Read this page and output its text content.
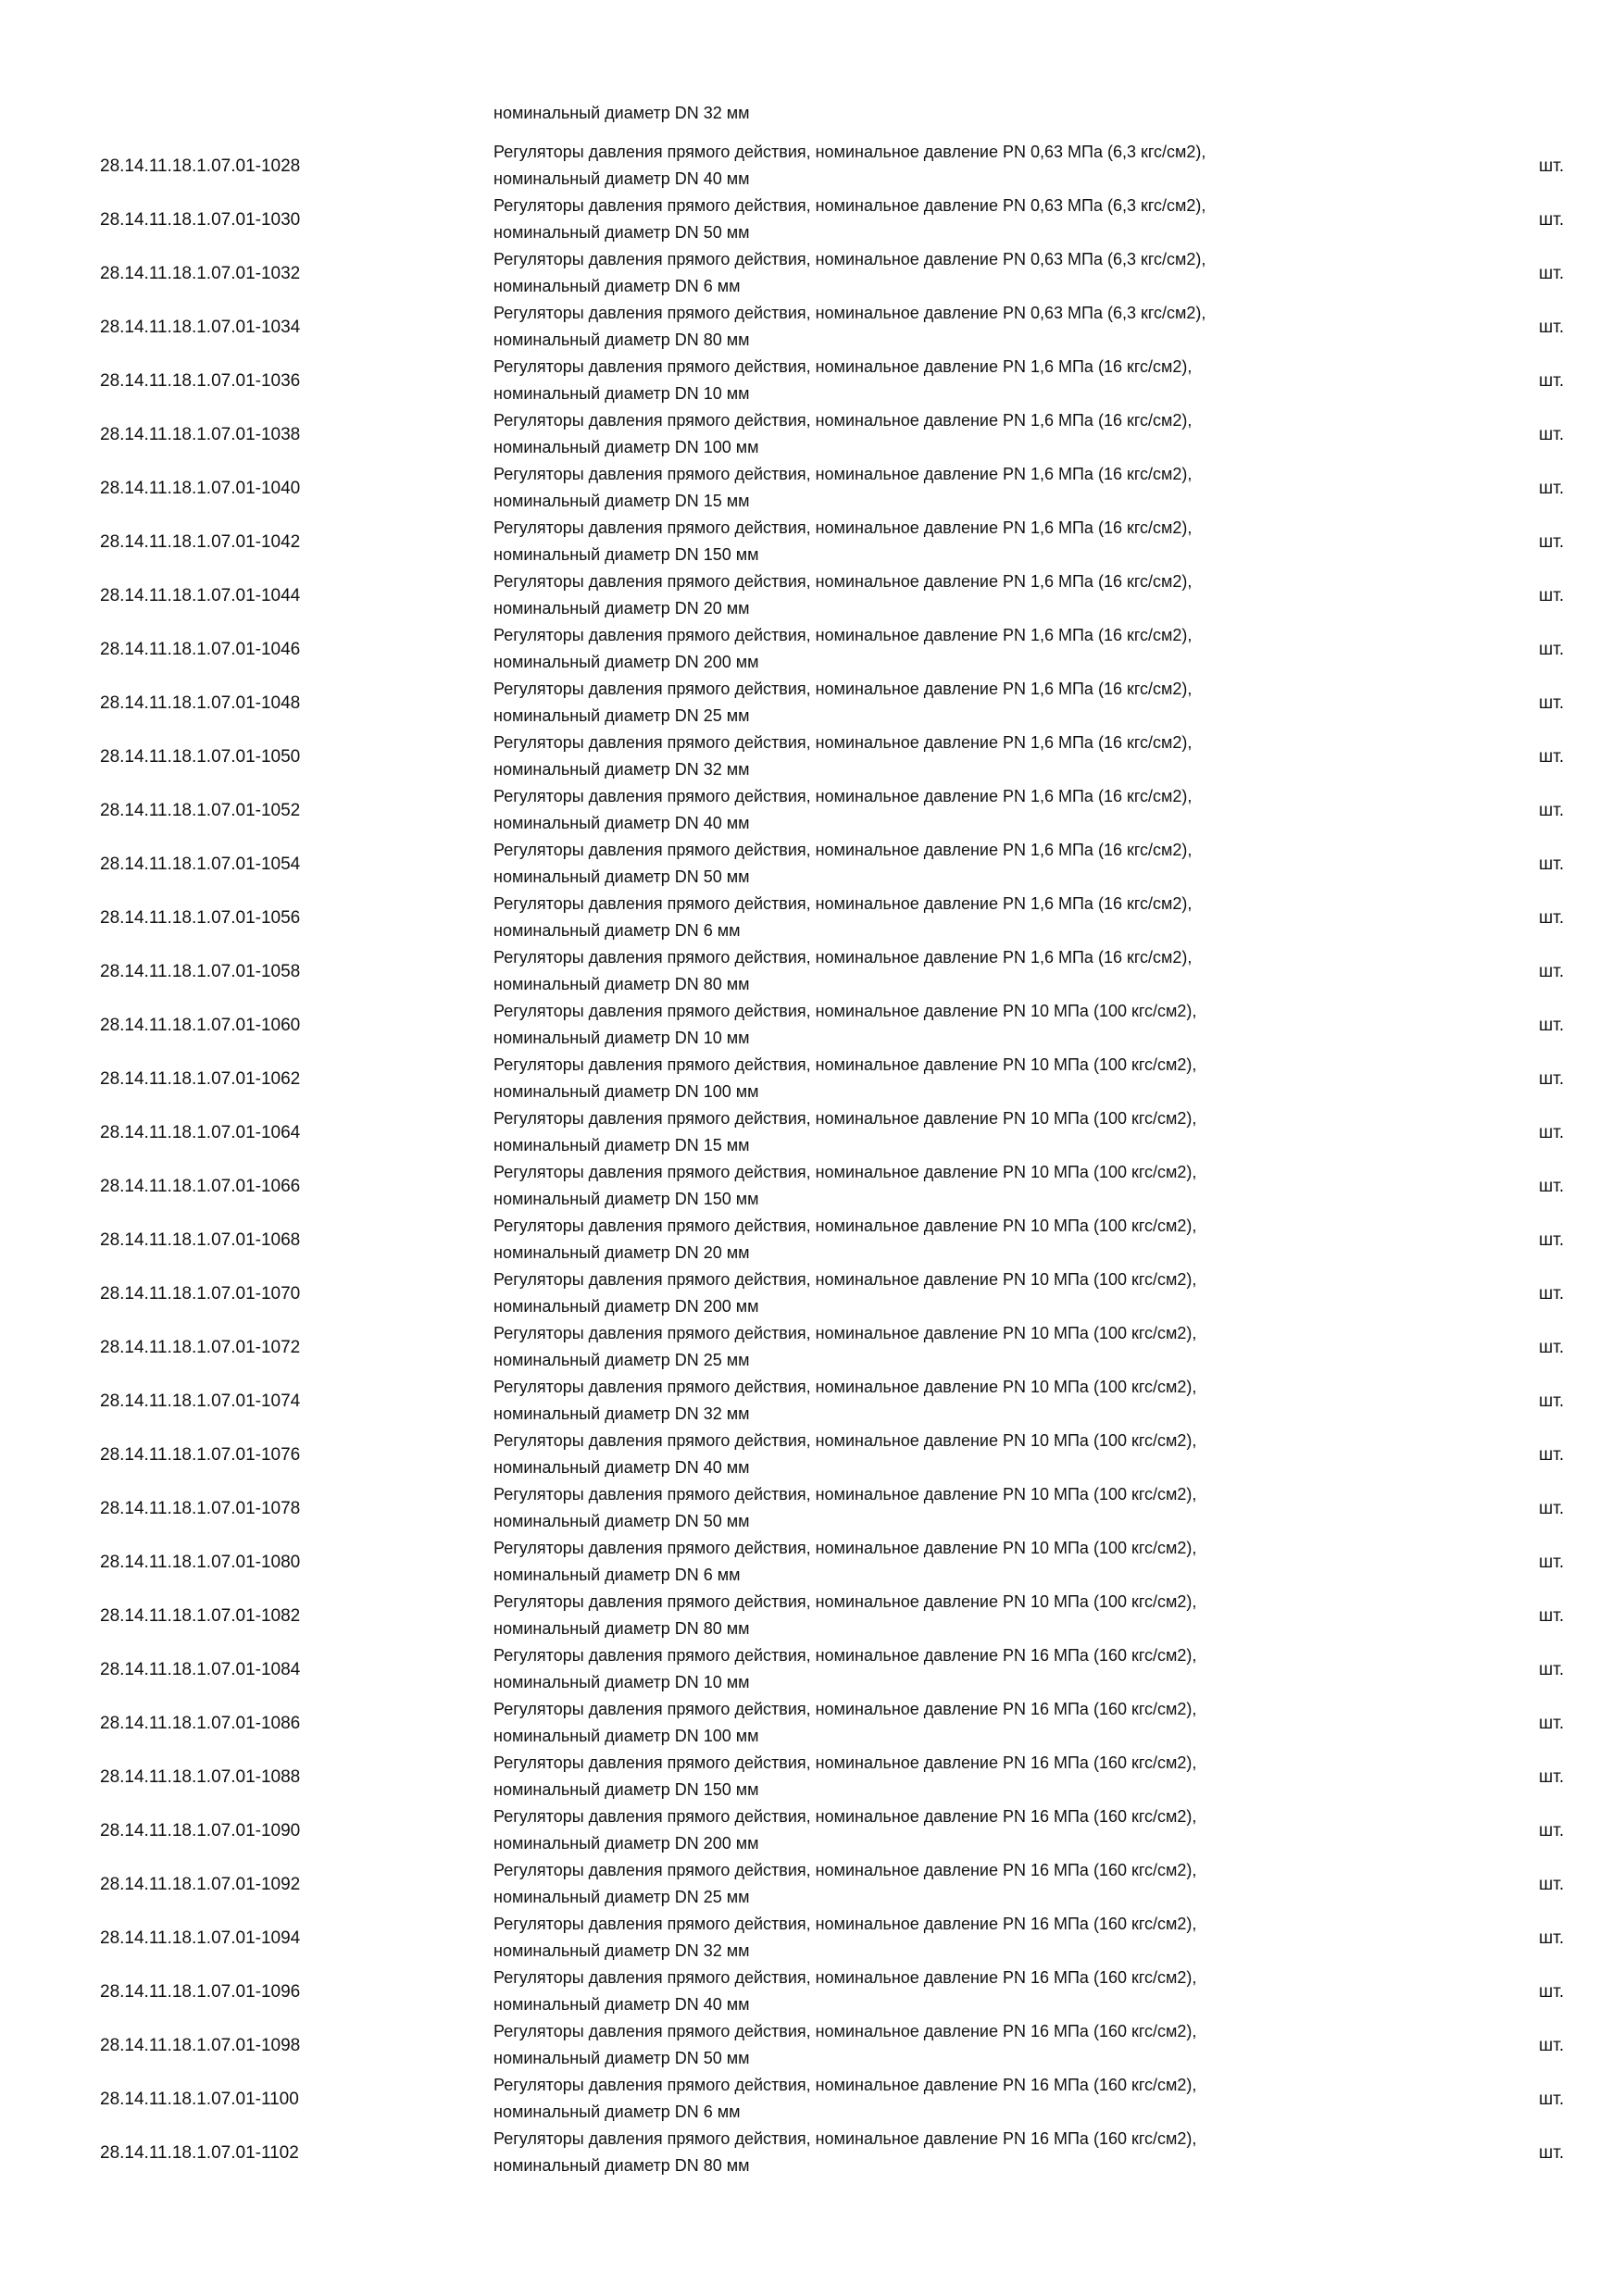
номинальный диаметр DN 32 мм
28.14.11.18.1.07.01-1028
Регуляторы давления прямого действия, номинальное давление PN 0,63 МПа (6,3 кгс/см2),
номинальный диаметр DN 40 мм
шт.
28.14.11.18.1.07.01-1030
Регуляторы давления прямого действия, номинальное давление PN 0,63 МПа (6,3 кгс/см2),
номинальный диаметр DN 50 мм
шт.
28.14.11.18.1.07.01-1032
Регуляторы давления прямого действия, номинальное давление PN 0,63 МПа (6,3 кгс/см2),
номинальный диаметр DN 6 мм
шт.
28.14.11.18.1.07.01-1034
Регуляторы давления прямого действия, номинальное давление PN 0,63 МПа (6,3 кгс/см2),
номинальный диаметр DN 80 мм
шт.
28.14.11.18.1.07.01-1036
Регуляторы давления прямого действия, номинальное давление PN 1,6 МПа (16 кгс/см2),
номинальный диаметр DN 10 мм
шт.
28.14.11.18.1.07.01-1038
Регуляторы давления прямого действия, номинальное давление PN 1,6 МПа (16 кгс/см2),
номинальный диаметр DN 100 мм
шт.
28.14.11.18.1.07.01-1040
Регуляторы давления прямого действия, номинальное давление PN 1,6 МПа (16 кгс/см2),
номинальный диаметр DN 15 мм
шт.
28.14.11.18.1.07.01-1042
Регуляторы давления прямого действия, номинальное давление PN 1,6 МПа (16 кгс/см2),
номинальный диаметр DN 150 мм
шт.
28.14.11.18.1.07.01-1044
Регуляторы давления прямого действия, номинальное давление PN 1,6 МПа (16 кгс/см2),
номинальный диаметр DN 20 мм
шт.
28.14.11.18.1.07.01-1046
Регуляторы давления прямого действия, номинальное давление PN 1,6 МПа (16 кгс/см2),
номинальный диаметр DN 200 мм
шт.
28.14.11.18.1.07.01-1048
Регуляторы давления прямого действия, номинальное давление PN 1,6 МПа (16 кгс/см2),
номинальный диаметр DN 25 мм
шт.
28.14.11.18.1.07.01-1050
Регуляторы давления прямого действия, номинальное давление PN 1,6 МПа (16 кгс/см2),
номинальный диаметр DN 32 мм
шт.
28.14.11.18.1.07.01-1052
Регуляторы давления прямого действия, номинальное давление PN 1,6 МПа (16 кгс/см2),
номинальный диаметр DN 40 мм
шт.
28.14.11.18.1.07.01-1054
Регуляторы давления прямого действия, номинальное давление PN 1,6 МПа (16 кгс/см2),
номинальный диаметр DN 50 мм
шт.
28.14.11.18.1.07.01-1056
Регуляторы давления прямого действия, номинальное давление PN 1,6 МПа (16 кгс/см2),
номинальный диаметр DN 6 мм
шт.
28.14.11.18.1.07.01-1058
Регуляторы давления прямого действия, номинальное давление PN 1,6 МПа (16 кгс/см2),
номинальный диаметр DN 80 мм
шт.
28.14.11.18.1.07.01-1060
Регуляторы давления прямого действия, номинальное давление PN 10 МПа (100 кгс/см2),
номинальный диаметр DN 10 мм
шт.
28.14.11.18.1.07.01-1062
Регуляторы давления прямого действия, номинальное давление PN 10 МПа (100 кгс/см2),
номинальный диаметр DN 100 мм
шт.
28.14.11.18.1.07.01-1064
Регуляторы давления прямого действия, номинальное давление PN 10 МПа (100 кгс/см2),
номинальный диаметр DN 15 мм
шт.
28.14.11.18.1.07.01-1066
Регуляторы давления прямого действия, номинальное давление PN 10 МПа (100 кгс/см2),
номинальный диаметр DN 150 мм
шт.
28.14.11.18.1.07.01-1068
Регуляторы давления прямого действия, номинальное давление PN 10 МПа (100 кгс/см2),
номинальный диаметр DN 20 мм
шт.
28.14.11.18.1.07.01-1070
Регуляторы давления прямого действия, номинальное давление PN 10 МПа (100 кгс/см2),
номинальный диаметр DN 200 мм
шт.
28.14.11.18.1.07.01-1072
Регуляторы давления прямого действия, номинальное давление PN 10 МПа (100 кгс/см2),
номинальный диаметр DN 25 мм
шт.
28.14.11.18.1.07.01-1074
Регуляторы давления прямого действия, номинальное давление PN 10 МПа (100 кгс/см2),
номинальный диаметр DN 32 мм
шт.
28.14.11.18.1.07.01-1076
Регуляторы давления прямого действия, номинальное давление PN 10 МПа (100 кгс/см2),
номинальный диаметр DN 40 мм
шт.
28.14.11.18.1.07.01-1078
Регуляторы давления прямого действия, номинальное давление PN 10 МПа (100 кгс/см2),
номинальный диаметр DN 50 мм
шт.
28.14.11.18.1.07.01-1080
Регуляторы давления прямого действия, номинальное давление PN 10 МПа (100 кгс/см2),
номинальный диаметр DN 6 мм
шт.
28.14.11.18.1.07.01-1082
Регуляторы давления прямого действия, номинальное давление PN 10 МПа (100 кгс/см2),
номинальный диаметр DN 80 мм
шт.
28.14.11.18.1.07.01-1084
Регуляторы давления прямого действия, номинальное давление PN 16 МПа (160 кгс/см2),
номинальный диаметр DN 10 мм
шт.
28.14.11.18.1.07.01-1086
Регуляторы давления прямого действия, номинальное давление PN 16 МПа (160 кгс/см2),
номинальный диаметр DN 100 мм
шт.
28.14.11.18.1.07.01-1088
Регуляторы давления прямого действия, номинальное давление PN 16 МПа (160 кгс/см2),
номинальный диаметр DN 150 мм
шт.
28.14.11.18.1.07.01-1090
Регуляторы давления прямого действия, номинальное давление PN 16 МПа (160 кгс/см2),
номинальный диаметр DN 200 мм
шт.
28.14.11.18.1.07.01-1092
Регуляторы давления прямого действия, номинальное давление PN 16 МПа (160 кгс/см2),
номинальный диаметр DN 25 мм
шт.
28.14.11.18.1.07.01-1094
Регуляторы давления прямого действия, номинальное давление PN 16 МПа (160 кгс/см2),
номинальный диаметр DN 32 мм
шт.
28.14.11.18.1.07.01-1096
Регуляторы давления прямого действия, номинальное давление PN 16 МПа (160 кгс/см2),
номинальный диаметр DN 40 мм
шт.
28.14.11.18.1.07.01-1098
Регуляторы давления прямого действия, номинальное давление PN 16 МПа (160 кгс/см2),
номинальный диаметр DN 50 мм
шт.
28.14.11.18.1.07.01-1100
Регуляторы давления прямого действия, номинальное давление PN 16 МПа (160 кгс/см2),
номинальный диаметр DN 6 мм
шт.
28.14.11.18.1.07.01-1102
Регуляторы давления прямого действия, номинальное давление PN 16 МПа (160 кгс/см2),
номинальный диаметр DN 80 мм
шт.
